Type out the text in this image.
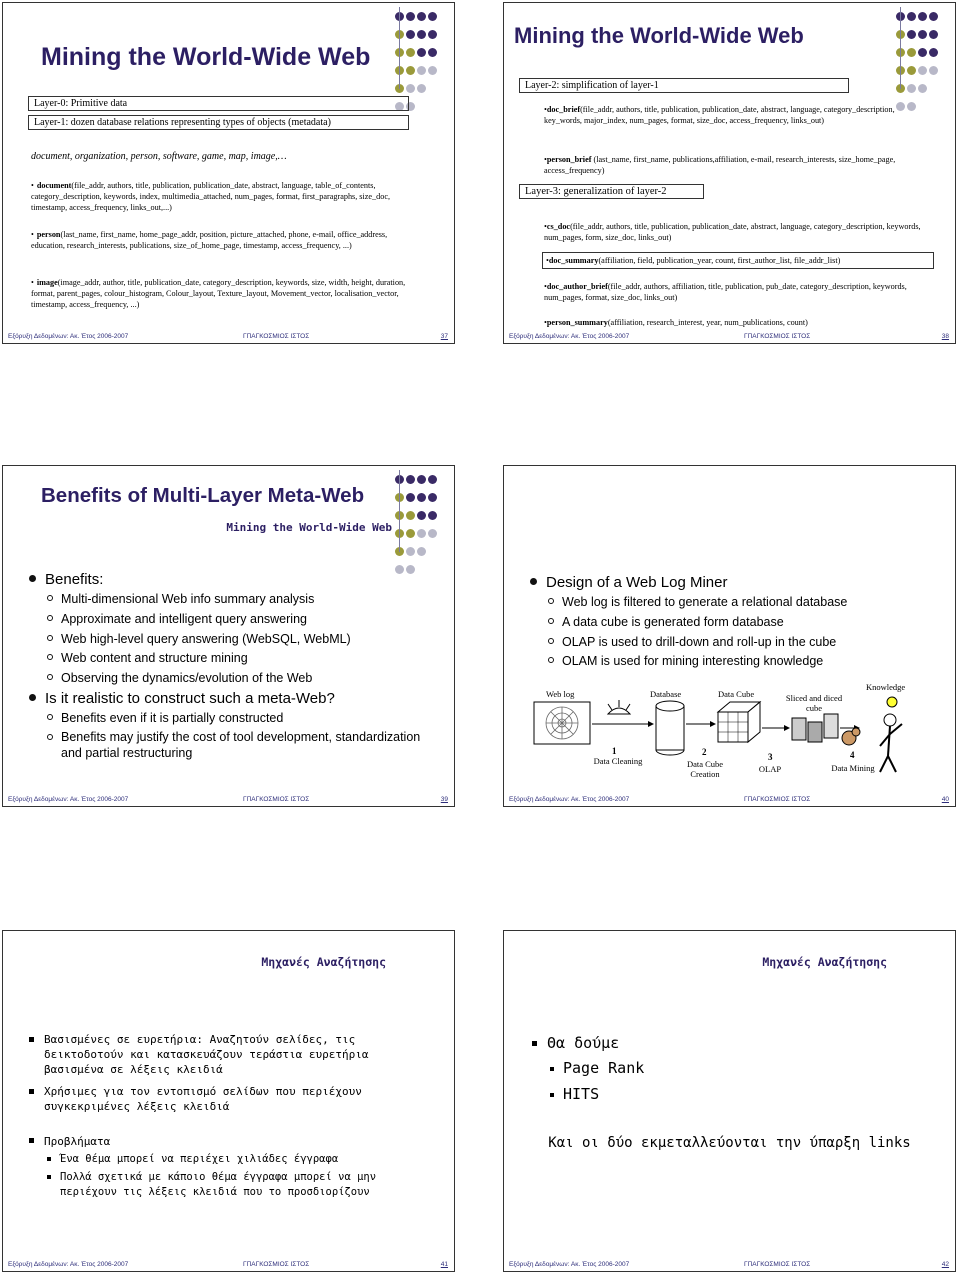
Mining the World-Wide Web
Layer-0: Primitive data
Layer-1: dozen database relations representing types of objects (metadata)
document, organization, person, software, game, map, image,…
• document(file_addr, authors, title, publication, publication_date, abstract, language, table_of_contents, category_description, keywords, index, multimedia_attached, num_pages, format, first_paragraphs, size_doc, timestamp, access_frequency, links_out,...)
• person(last_name, first_name, home_page_addr, position, picture_attached, phone, e-mail, office_address, education, research_interests, publications, size_of_home_page, timestamp, access_frequency, ...)
• image(image_addr, author, title, publication_date, category_description, keywords, size, width, height, duration, format, parent_pages, colour_histogram, Colour_layout, Texture_layout, Movement_vector, localisation_vector, timestamp, access_frequency, ...)
Εξόρυξη Δεδομένων: Ακ. Έτος 2006-2007	ΓΠΑΓΚΟΣΜΙΟΣ ΙΣΤΟΣ	37

Mining the World-Wide Web
Layer-2: simplification of layer-1
•doc_brief(file_addr, authors, title, publication, publication_date, abstract, language, category_description, key_words, major_index, num_pages, format, size_doc, access_frequency, links_out)
•person_brief (last_name, first_name, publications,affiliation, e-mail, research_interests, size_home_page, access_frequency)
Layer-3: generalization of layer-2
•cs_doc(file_addr, authors, title, publication, publication_date, abstract, language, category_description, keywords, num_pages, form, size_doc, links_out)
•doc_summary(affiliation, field, publication_year, count, first_author_list, file_addr_list)
•doc_author_brief(file_addr, authors, affiliation, title, publication, pub_date, category_description, keywords, num_pages, format, size_doc, links_out)
•person_summary(affiliation, research_interest, year, num_publications, count)
Εξόρυξη Δεδομένων: Ακ. Έτος 2006-2007	ΓΠΑΓΚΟΣΜΙΟΣ ΙΣΤΟΣ	38

Benefits of Multi-Layer Meta-Web
Mining the World-Wide Web
Benefits:
Multi-dimensional Web info summary analysis
Approximate and intelligent query answering
Web high-level query answering (WebSQL, WebML)
Web content and structure mining
Observing the dynamics/evolution of the Web
Is it realistic to construct such a meta-Web?
Benefits even if it is partially constructed
Benefits may justify the cost of tool development, standardization and partial restructuring
Εξόρυξη Δεδομένων: Ακ. Έτος 2006-2007	ΓΠΑΓΚΟΣΜΙΟΣ ΙΣΤΟΣ	39
Design of a Web Log Miner
Web log is filtered to generate a relational database
A data cube is generated form database
OLAP is used to drill-down and roll-up in the cube
OLAM is used for mining interesting knowledge
Web log	Database	Data Cube	Sliced and diced cube
Knowledge
1
Data Cleaning
2
Data Cube Creation
3
OLAP
4
Data Mining
Εξόρυξη Δεδομένων: Ακ. Έτος 2006-2007	ΓΠΑΓΚΟΣΜΙΟΣ ΙΣΤΟΣ	40
Μηχανές Αναζήτησης
Βασισμένες σε ευρετήρια: Αναζητούν σελίδες, τις δεικτοδοτούν και κατασκευάζουν τεράστια ευρετήρια βασισμένα σε λέξεις κλειδιά
Χρήσιμες για τον εντοπισμό σελίδων που περιέχουν συγκεκριμένες λέξεις κλειδιά
Προβλήματα
Ένα θέμα μπορεί να περιέχει χιλιάδες έγγραφα
Πολλά σχετικά με κάποιο θέμα έγγραφα μπορεί να μην περιέχουν τις λέξεις κλειδιά που το προσδιορίζουν
Εξόρυξη Δεδομένων: Ακ. Έτος 2006-2007	ΓΠΑΓΚΟΣΜΙΟΣ ΙΣΤΟΣ	41
Μηχανές Αναζήτησης
Θα δούμε
Page Rank
HITS
Και οι δύο εκμεταλλεύονται την ύπαρξη links
Εξόρυξη Δεδομένων: Ακ. Έτος 2006-2007	ΓΠΑΓΚΟΣΜΙΟΣ ΙΣΤΟΣ	42
